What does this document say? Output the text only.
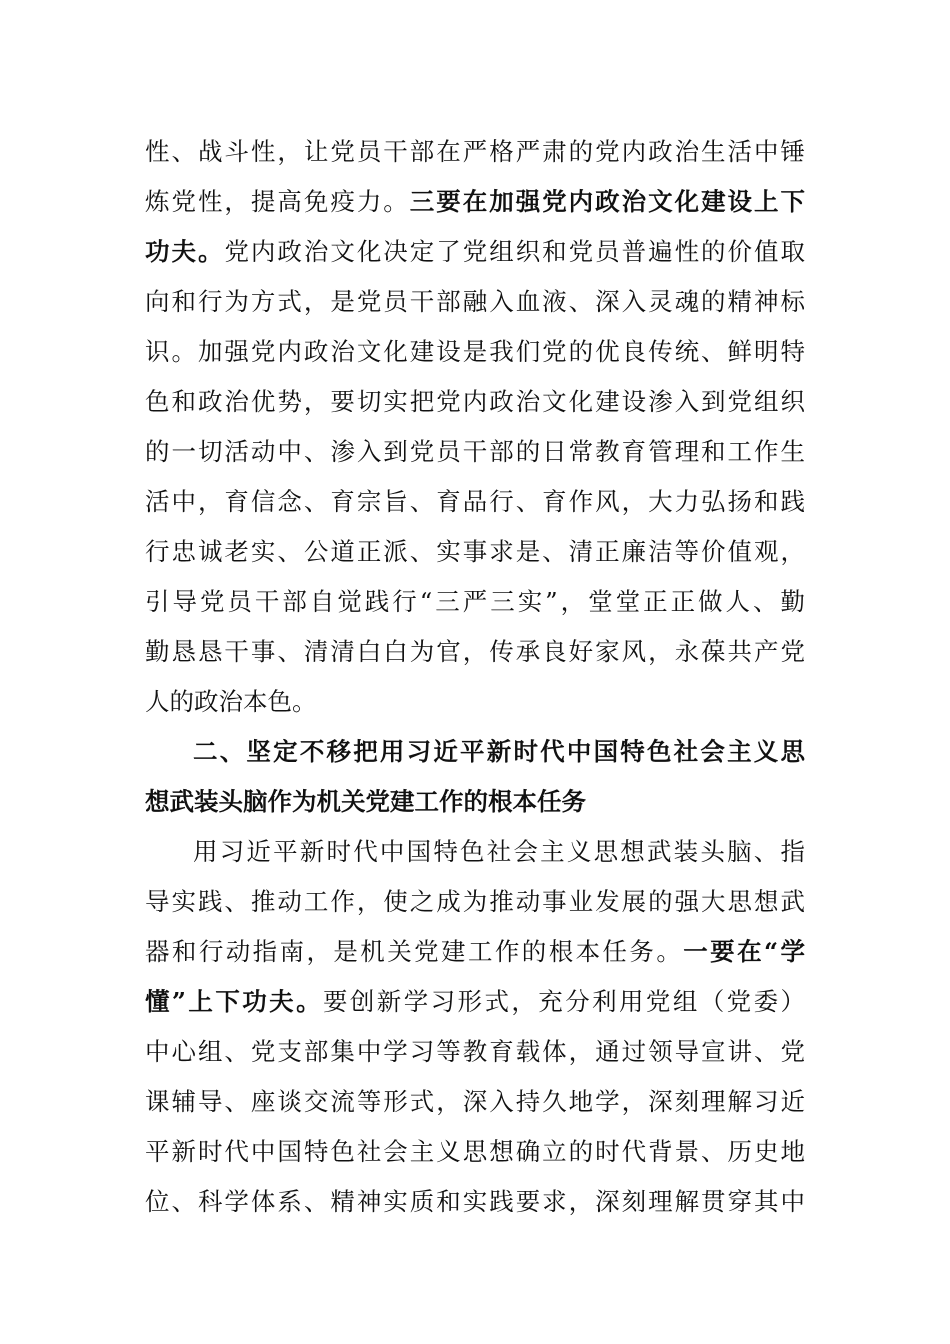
性、战斗性，让党员干部在严格严肃的党内政治生活中锤
炼党性，提高免疫力。三要在加强党内政治文化建设上下
功夫。党内政治文化决定了党组织和党员普遍性的价值取
向和行为方式，是党员干部融入血液、深入灵魂的精神标
识。加强党内政治文化建设是我们党的优良传统、鲜明特
色和政治优势，要切实把党内政治文化建设渗入到党组织
的一切活动中、渗入到党员干部的日常教育管理和工作生
活中，育信念、育宗旨、育品行、育作风，大力弘扬和践
行忠诚老实、公道正派、实事求是、清正廉洁等价值观，
引导党员干部自觉践行“三严三实”，堂堂正正做人、勤
勤恳恳干事、清清白白为官，传承良好家风，永葆共产党
人的政治本色。
二、坚定不移把用习近平新时代中国特色社会主义思
想武装头脑作为机关党建工作的根本任务
用习近平新时代中国特色社会主义思想武装头脑、指
导实践、推动工作，使之成为推动事业发展的强大思想武
器和行动指南，是机关党建工作的根本任务。一要在“学
懂”上下功夫。要创新学习形式，充分利用党组（党委）
中心组、党支部集中学习等教育载体，通过领导宣讲、党
课辅导、座谈交流等形式，深入持久地学，深刻理解习近
平新时代中国特色社会主义思想确立的时代背景、历史地
位、科学体系、精神实质和实践要求，深刻理解贯穿其中
